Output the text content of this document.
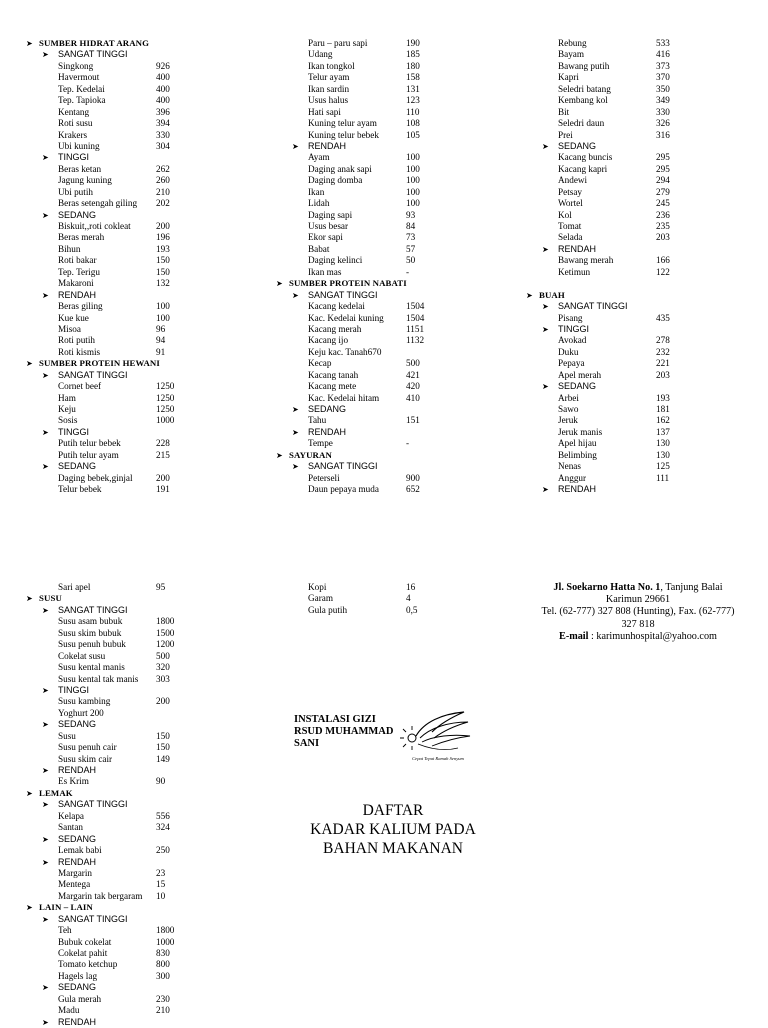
➤ SUMBER HIDRAT ARANG
➤ SANGAT TINGGI
Singkong	926
Havermout	400
Tep. Kedelai	400
Tep. Tapioka	400
Kentang	396
Roti susu	394
Krakers	330
Ubi kuning	304
➤ TINGGI
Beras ketan	262
Jagung kuning	260
Ubi putih	210
Beras setengah giling 202
➤ SEDANG
Biskuit,,roti cokleat	200
Beras merah	196
Bihun	193
Roti bakar	150
Tep. Terigu	150
Makaroni	132
➤ RENDAH
Beras giling	100
Kue kue	100
Misoa	96
Roti putih	94
Roti kismis	91
➤ SUMBER PROTEIN HEWANI
➤ SANGAT TINGGI
Cornet beef	1250
Ham	1250
Keju	1250
Sosis	1000
➤ TINGGI
Putih telur bebek	228
Putih telur ayam	215
➤ SEDANG
Daging bebek,ginjal	200
Telur bebek	191
Paru – paru sapi	190
Udang	185
Ikan tongkol	180
Telur ayam	158
Ikan sardin	131
Usus halus	123
Hati sapi	110
Kuning telur ayam	108
Kuning telur bebek	105
➤ RENDAH
Ayam	100
Daging anak sapi	100
Daging domba	100
Ikan	100
Lidah	100
Daging sapi	93
Usus besar	84
Ekor sapi	73
Babat	57
Daging kelinci	50
Ikan mas	-
➤ SUMBER PROTEIN NABATI
➤ SANGAT TINGGI
Kacang kedelai	1504
Kac. Kedelai kuning 1504
Kacang merah	1151
Kacang ijo	1132
Keju kac. Tanah670
Kecap	500
Kacang tanah	421
Kacang mete	420
Kac. Kedelai hitam	410
➤ SEDANG
Tahu	151
➤ RENDAH
Tempe	-
➤ SAYURAN
➤ SANGAT TINGGI
Peterseli	900
Daun pepaya muda	652
Rebung	533
Bayam	416
Bawang putih	373
Kapri	370
Seledri batang	350
Kembang kol	349
Bit	330
Seledri daun	326
Prei	316
➤ SEDANG
Kacang buncis	295
Kacang kapri	295
Andewi	294
Petsay	279
Wortel	245
Kol	236
Tomat	235
Selada	203
➤ RENDAH
Bawang merah	166
Ketimun	122
➤ BUAH
➤ SANGAT TINGGI
Pisang	435
➤ TINGGI
Avokad	278
Duku	232
Pepaya	221
Apel merah	203
➤ SEDANG
Arbei	193
Sawo	181
Jeruk	162
Jeruk manis	137
Apel hijau	130
Belimbing	130
Nenas	125
Anggur	111
➤ RENDAH
Sari apel	95
➤ SUSU
➤ SANGAT TINGGI
Susu asam bubuk	1800
Susu skim bubuk	1500
Susu penuh bubuk	1200
Cokelat susu	500
Susu kental manis	320
Susu kental tak manis 303
➤ TINGGI
Susu kambing	200
Yoghurt 200
➤ SEDANG
Susu	150
Susu penuh cair	150
Susu skim cair	149
➤ RENDAH
Es Krim	90
➤ LEMAK
➤ SANGAT TINGGI
Kelapa	556
Santan	324
➤ SEDANG
Lemak babi	250
➤ RENDAH
Margarin	23
Mentega	15
Margarin tak bergaram 10
➤ LAIN – LAIN
➤ SANGAT TINGGI
Teh	1800
Bubuk cokelat	1000
Cokelat pahit	830
Tomato ketchup	800
Hagels lag	300
➤ SEDANG
Gula merah	230
Madu	210
➤ RENDAH
Kopi	16
Garam	4
Gula putih	0,5
INSTALASI GIZI
RSUD MUHAMMAD
SANI
Cepat Tepat Ramah Senyum
Jl. Soekarno Hatta No. 1, Tanjung Balai
Karimun 29661
Tel. (62-777) 327 808 (Hunting), Fax. (62-777)
327 818
E-mail : karimunhospital@yahoo.com
DAFTAR
KADAR KALIUM PADA
BAHAN MAKANAN
